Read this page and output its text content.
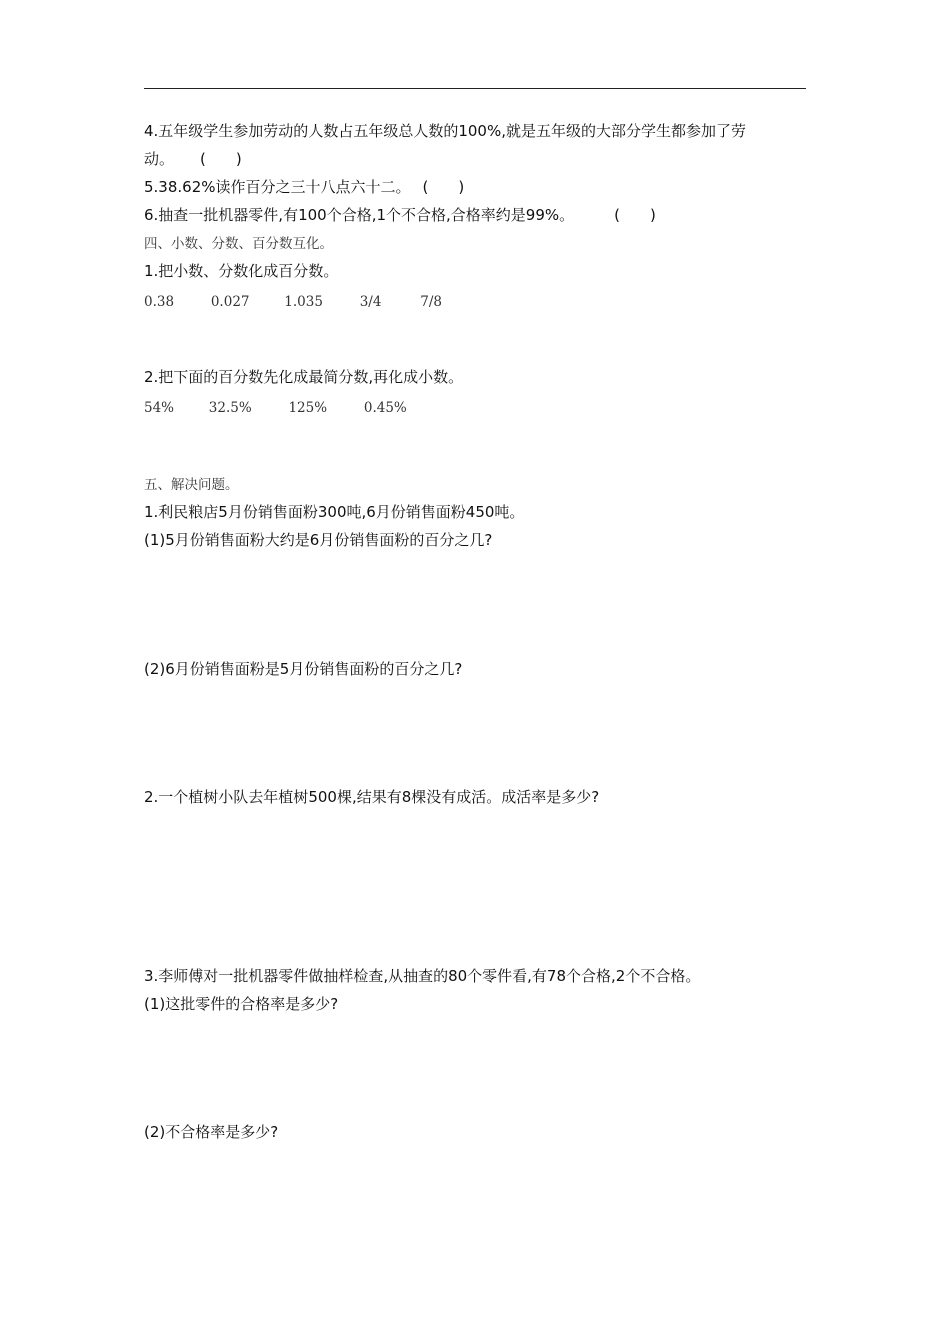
4.五年级学生参加劳动的人数占五年级总人数的100%,就是五年级的大部分学生都参加了劳
动。 (　　)
5.38.62%读作百分之三十八点六十二。 (　　)
6.抽查一批机器零件,有100个合格,1个不合格,合格率约是99%。	(　　)
四、小数、分数、百分数互化。
1.把小数、分数化成百分数。
0.38	0.027	1.035	3/4	7/8
2.把下面的百分数先化成最简分数,再化成小数。
54%	32.5%	125%	0.45%
五、解决问题。
1.利民粮店5月份销售面粉300吨,6月份销售面粉450吨。
(1)5月份销售面粉大约是6月份销售面粉的百分之几?
(2)6月份销售面粉是5月份销售面粉的百分之几?
2.一个植树小队去年植树500棵,结果有8棵没有成活。成活率是多少?
3.李师傅对一批机器零件做抽样检查,从抽查的80个零件看,有78个合格,2个不合格。
(1)这批零件的合格率是多少?
(2)不合格率是多少?
